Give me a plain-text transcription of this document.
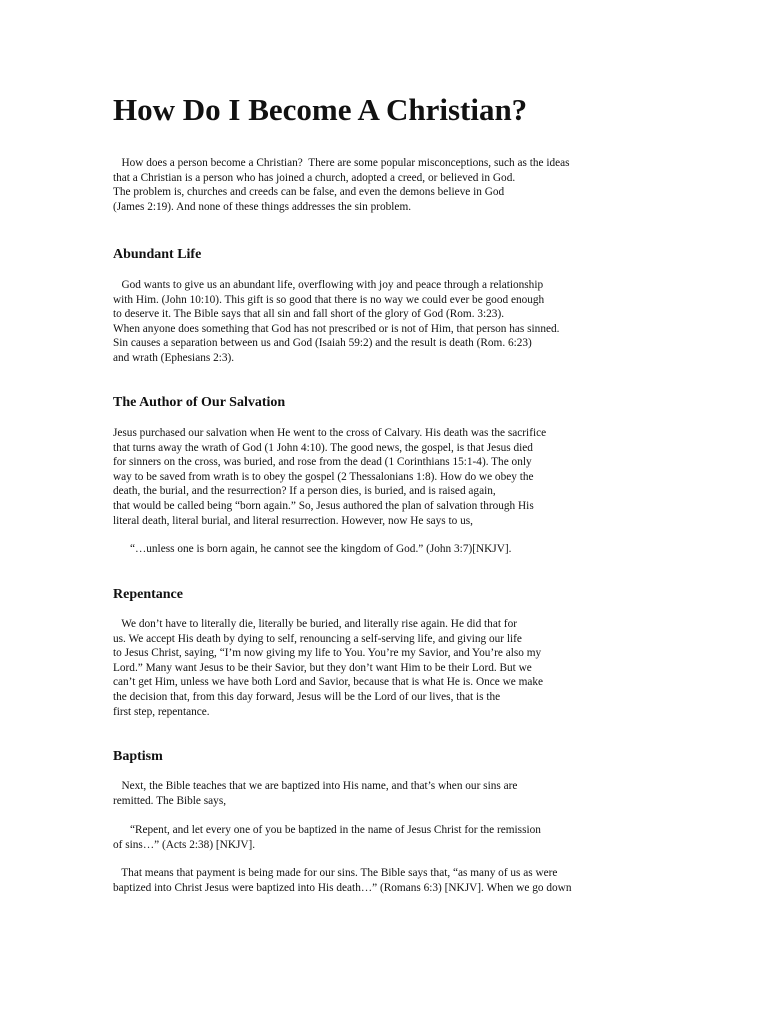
How Do I Become A Christian?

How does a person become a Christian?  There are some popular misconceptions, such as the ideas
that a Christian is a person who has joined a church, adopted a creed, or believed in God.
The problem is, churches and creeds can be false, and even the demons believe in God
(James 2:19). And none of these things addresses the sin problem.

Abundant Life

God wants to give us an abundant life, overflowing with joy and peace through a relationship
with Him. (John 10:10). This gift is so good that there is no way we could ever be good enough
to deserve it. The Bible says that all sin and fall short of the glory of God (Rom. 3:23).
When anyone does something that God has not prescribed or is not of Him, that person has sinned.
Sin causes a separation between us and God (Isaiah 59:2) and the result is death (Rom. 6:23)
and wrath (Ephesians 2:3).

The Author of Our Salvation

Jesus purchased our salvation when He went to the cross of Calvary. His death was the sacrifice
that turns away the wrath of God (1 John 4:10). The good news, the gospel, is that Jesus died
for sinners on the cross, was buried, and rose from the dead (1 Corinthians 15:1-4). The only
way to be saved from wrath is to obey the gospel (2 Thessalonians 1:8). How do we obey the
death, the burial, and the resurrection? If a person dies, is buried, and is raised again,
that would be called being “born again.” So, Jesus authored the plan of salvation through His
literal death, literal burial, and literal resurrection. However, now He says to us,

“…unless one is born again, he cannot see the kingdom of God.” (John 3:7)[NKJV].

Repentance

We don’t have to literally die, literally be buried, and literally rise again. He did that for
us. We accept His death by dying to self, renouncing a self-serving life, and giving our life
to Jesus Christ, saying, “I’m now giving my life to You. You’re my Savior, and You’re also my
Lord.” Many want Jesus to be their Savior, but they don’t want Him to be their Lord. But we
can’t get Him, unless we have both Lord and Savior, because that is what He is. Once we make
the decision that, from this day forward, Jesus will be the Lord of our lives, that is the
first step, repentance.

Baptism

Next, the Bible teaches that we are baptized into His name, and that’s when our sins are
remitted. The Bible says,

“Repent, and let every one of you be baptized in the name of Jesus Christ for the remission
of sins…” (Acts 2:38) [NKJV].

That means that payment is being made for our sins. The Bible says that, “as many of us as were
baptized into Christ Jesus were baptized into His death…” (Romans 6:3) [NKJV]. When we go down
